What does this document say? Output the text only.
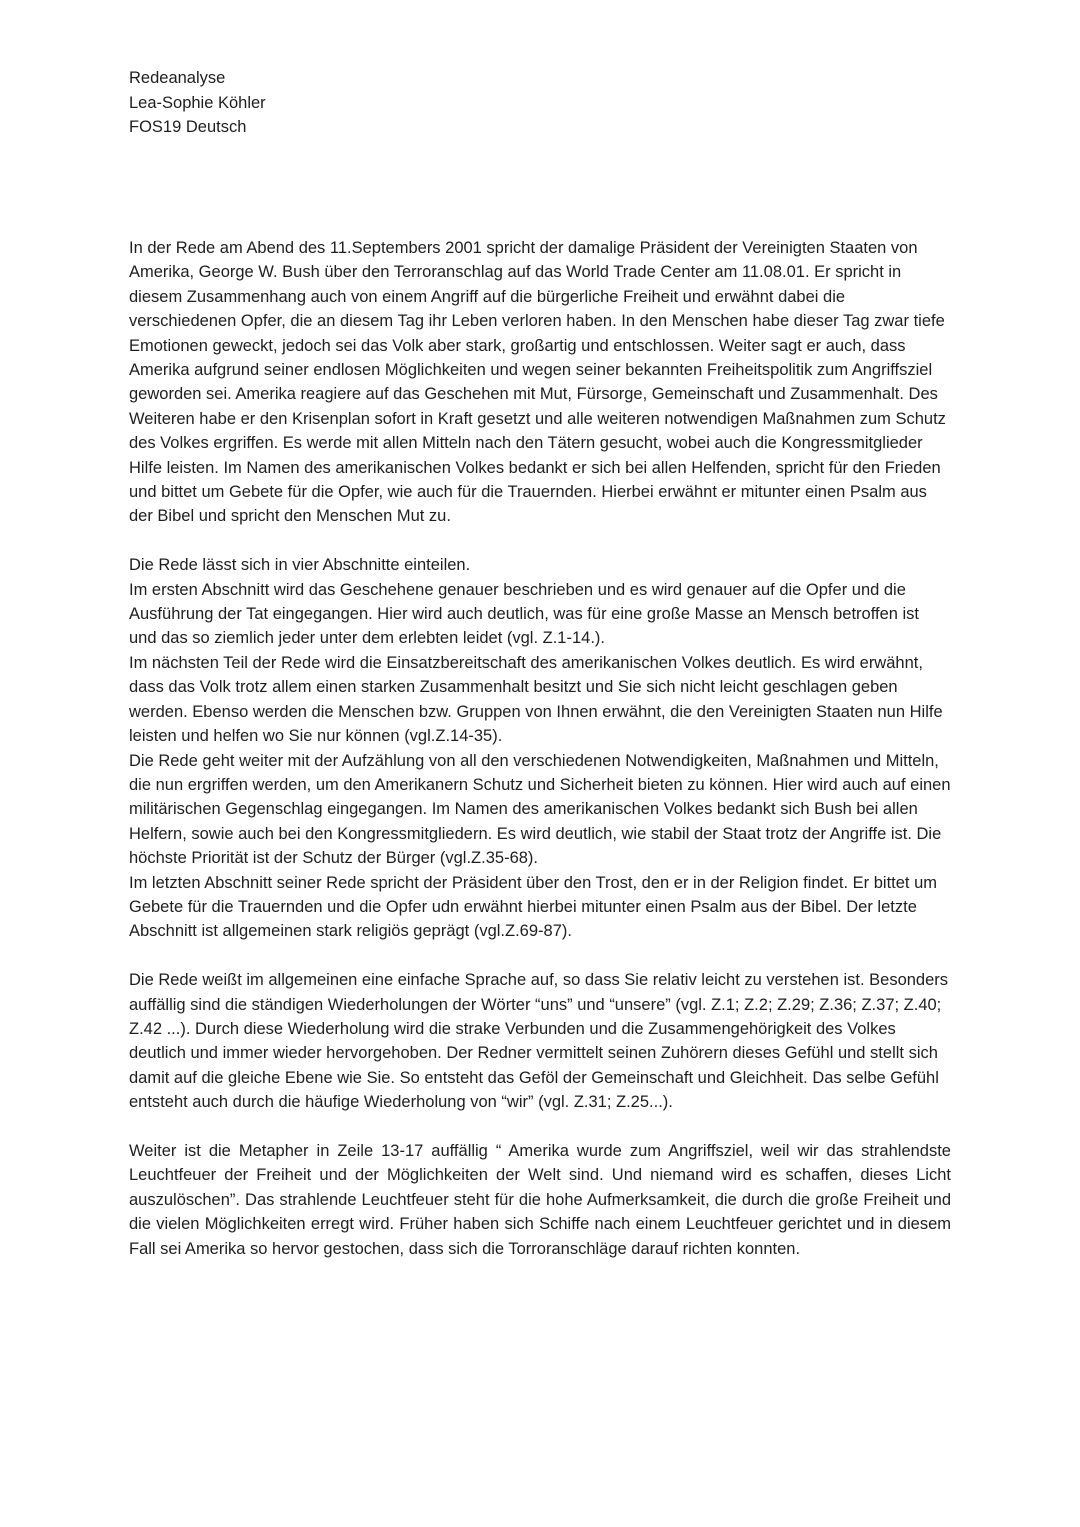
Redeanalyse
Lea-Sophie Köhler
FOS19 Deutsch

In der Rede am Abend des 11.Septembers 2001 spricht der damalige Präsident der Vereinigten Staaten von Amerika, George W. Bush über den Terroranschlag auf das World Trade Center am 11.08.01. Er spricht in diesem Zusammenhang auch von einem Angriff auf die bürgerliche Freiheit und erwähnt dabei die verschiedenen Opfer, die an diesem Tag ihr Leben verloren haben. In den Menschen habe dieser Tag zwar tiefe Emotionen geweckt, jedoch sei das Volk aber stark, großartig und entschlossen. Weiter sagt er auch, dass Amerika aufgrund seiner endlosen Möglichkeiten und wegen seiner bekannten Freiheitspolitik zum Angriffsziel geworden sei. Amerika reagiere auf das Geschehen mit Mut, Fürsorge, Gemeinschaft und Zusammenhalt. Des Weiteren habe er den Krisenplan sofort in Kraft gesetzt und alle weiteren notwendigen Maßnahmen zum Schutz des Volkes ergriffen. Es werde mit allen Mitteln nach den Tätern gesucht, wobei auch die Kongressmitglieder Hilfe leisten. Im Namen des amerikanischen Volkes bedankt er sich bei allen Helfenden, spricht für den Frieden und bittet um Gebete für die Opfer, wie auch für die Trauernden. Hierbei erwähnt er mitunter einen Psalm aus der Bibel und spricht den Menschen Mut zu.

Die Rede lässt sich in vier Abschnitte einteilen.

Im ersten Abschnitt wird das Geschehene genauer beschrieben und es wird genauer auf die Opfer und die Ausführung der Tat eingegangen. Hier wird auch deutlich, was für eine große Masse an Mensch betroffen ist und das so ziemlich jeder unter dem erlebten leidet (vgl. Z.1-14.).

Im nächsten Teil der Rede wird die Einsatzbereitschaft des amerikanischen Volkes deutlich. Es wird erwähnt, dass das Volk trotz allem einen starken Zusammenhalt besitzt und Sie sich nicht leicht geschlagen geben werden. Ebenso werden die Menschen bzw. Gruppen von Ihnen erwähnt, die den Vereinigten Staaten nun Hilfe leisten und helfen wo Sie nur können (vgl.Z.14-35).

Die Rede geht weiter mit der Aufzählung von all den verschiedenen Notwendigkeiten, Maßnahmen und Mitteln, die nun ergriffen werden, um den Amerikanern Schutz und Sicherheit bieten zu können. Hier wird auch auf einen militärischen Gegenschlag eingegangen. Im Namen des amerikanischen Volkes bedankt sich Bush bei allen Helfern, sowie auch bei den Kongressmitgliedern. Es wird deutlich, wie stabil der Staat trotz der Angriffe ist. Die höchste Priorität ist der Schutz der Bürger (vgl.Z.35-68).

Im letzten Abschnitt seiner Rede spricht der Präsident über den Trost, den er in der Religion findet. Er bittet um Gebete für die Trauernden und die Opfer udn erwähnt hierbei mitunter einen Psalm aus der Bibel. Der letzte Abschnitt ist allgemeinen stark religiös geprägt (vgl.Z.69-87).

Die Rede weißt im allgemeinen eine einfache Sprache auf, so dass Sie relativ leicht zu verstehen ist. Besonders auffällig sind die ständigen Wiederholungen der Wörter “uns” und “unsere” (vgl. Z.1; Z.2; Z.29; Z.36; Z.37; Z.40; Z.42 ...). Durch diese Wiederholung wird die strake Verbunden und die Zusammengehörigkeit des Volkes deutlich und immer wieder hervorgehoben. Der Redner vermittelt seinen Zuhörern dieses Gefühl und stellt sich damit auf die gleiche Ebene wie Sie. So entsteht das Geföl der Gemeinschaft und Gleichheit. Das selbe Gefühl entsteht auch durch die häufige Wiederholung von “wir” (vgl. Z.31; Z.25...).

Weiter ist die Metapher in Zeile 13-17 auffällig “ Amerika wurde zum Angriffsziel, weil wir das strahlendste Leuchtfeuer der Freiheit und der Möglichkeiten der Welt sind. Und niemand wird es schaffen, dieses Licht auszulöschen”. Das strahlende Leuchtfeuer steht für die hohe Aufmerksamkeit, die durch die große Freiheit und die vielen Möglichkeiten erregt wird. Früher haben sich Schiffe nach einem Leuchtfeuer gerichtet und in diesem Fall sei Amerika so hervor gestochen, dass sich die Torroranschläge darauf richten konnten.
